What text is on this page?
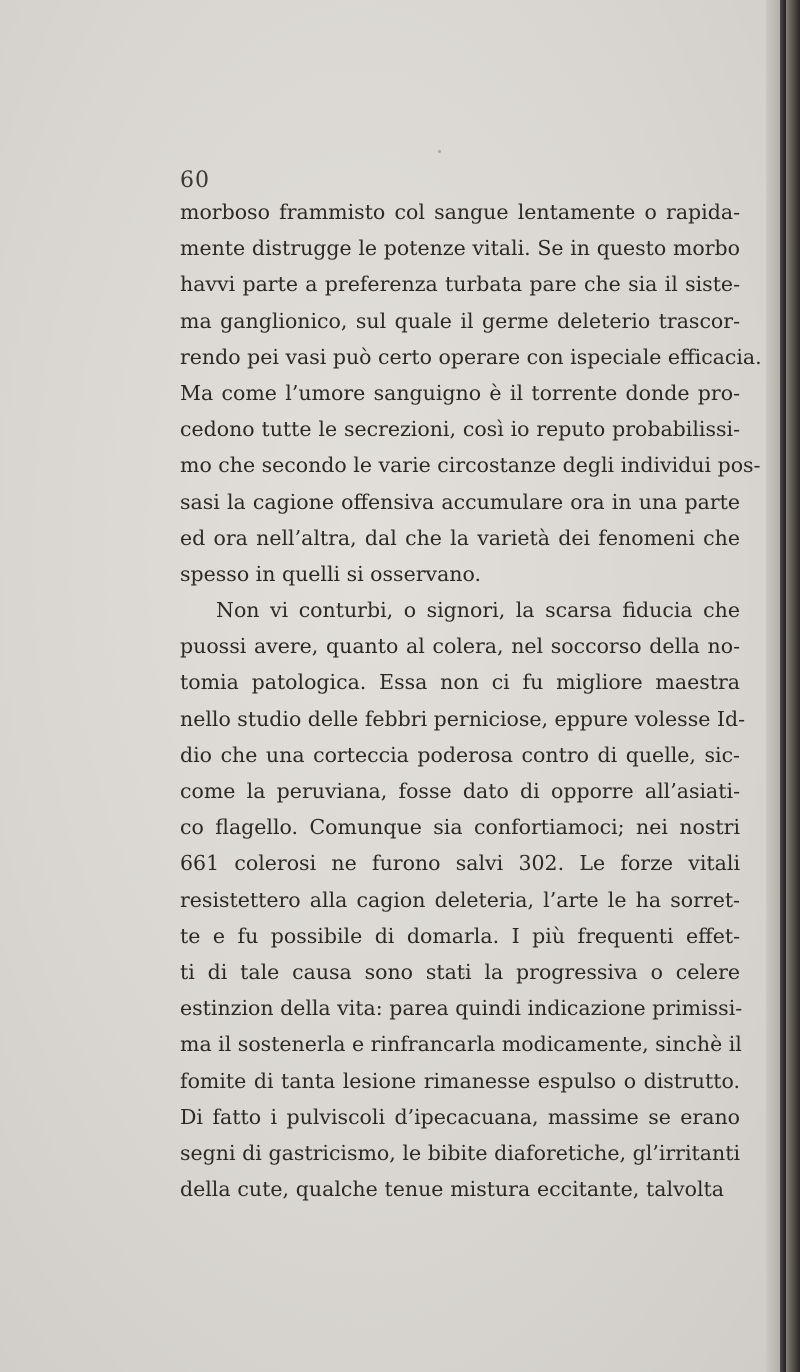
60
morboso frammisto col sangue lentamente o rapida-
mente distrugge le potenze vitali. Se in questo morbo
havvi parte a preferenza turbata pare che sia il siste-
ma ganglionico, sul quale il germe deleterio trascor-
rendo pei vasi può certo operare con ispeciale efficacia.
Ma come l’umore sanguigno è il torrente donde pro-
cedono tutte le secrezioni, così io reputo probabilissi-
mo che secondo le varie circostanze degli individui pos-
sasi la cagione offensiva accumulare ora in una parte
ed ora nell’altra, dal che la varietà dei fenomeni che
spesso in quelli si osservano.
Non vi conturbi, o signori, la scarsa fiducia che
puossi avere, quanto al colera, nel soccorso della no-
tomia patologica. Essa non ci fu migliore maestra
nello studio delle febbri perniciose, eppure volesse Id-
dio che una corteccia poderosa contro di quelle, sic-
come la peruviana, fosse dato di opporre all’asiati-
co flagello. Comunque sia confortiamoci; nei nostri
661 colerosi ne furono salvi 302. Le forze vitali
resistettero alla cagion deleteria, l’arte le ha sorret-
te e fu possibile di domarla. I più frequenti effet-
ti di tale causa sono stati la progressiva o celere
estinzion della vita: parea quindi indicazione primissi-
ma il sostenerla e rinfrancarla modicamente, sinchè il
fomite di tanta lesione rimanesse espulso o distrutto.
Di fatto i pulviscoli d’ipecacuana, massime se erano
segni di gastricismo, le bibite diaforetiche, gl’irritanti
della cute, qualche tenue mistura eccitante, talvolta
